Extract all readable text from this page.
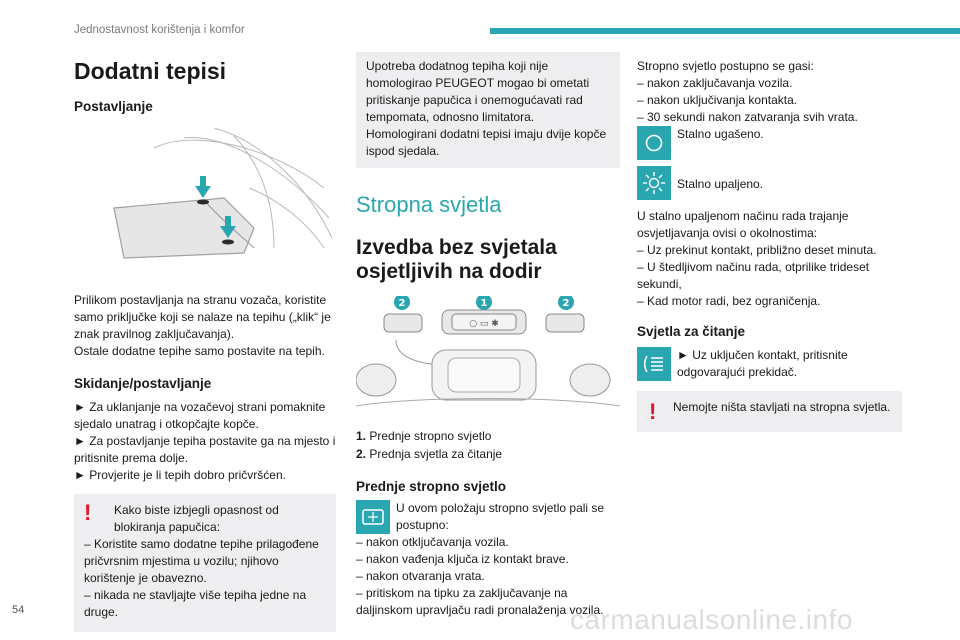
Jednostavnost korištenja i komfor
Dodatni tepisi
Postavljanje

Prilikom postavljanja na stranu vozača, koristite samo priključke koji se nalaze na tepihu („klik“ je znak pravilnog zaključavanja).

Ostale dodatne tepihe samo postavite na tepih.

Skidanje/postavljanje

► Za uklanjanje na vozačevoj strani pomaknite sjedalo unatrag i otkopčajte kopče.

► Za postavljanje tepiha postavite ga na mjesto i pritisnite prema dolje.

► Provjerite je li tepih dobro pričvršćen.

!	Kako biste izbjegli opasnost od blokiranja papučica:

– Koristite samo dodatne tepihe prilagođene pričvrsnim mjestima u vozilu; njihovo korištenje je obavezno.

– nikada ne stavljajte više tepiha jedne na druge.

Upotreba dodatnog tepiha koji nije homologirao PEUGEOT mogao bi ometati pritiskanje papučica i onemogućavati rad tempomata, odnosno limitatora.

Homologirani dodatni tepisi imaju dvije kopče ispod sjedala.

Stropna svjetla
Izvedba bez svjetala osjetljivih na dodir
○ ▭ ✱
2	1	2

1. Prednje stropno svjetlo

2. Prednja svjetla za čitanje

Prednje stropno svjetlo

U ovom položaju stropno svjetlo pali se postupno:

– nakon otključavanja vozila.

– nakon vađenja ključa iz kontakt brave.

– nakon otvaranja vrata.

– pritiskom na tipku za zaključavanje na daljinskom upravljaču radi pronalaženja vozila.

Stropno svjetlo postupno se gasi:

– nakon zaključavanja vozila.

– nakon uključivanja kontakta.

– 30 sekundi nakon zatvaranja svih vrata.

Stalno ugašeno.

Stalno upaljeno.

U stalno upaljenom načinu rada trajanje osvjetljavanja ovisi o okolnostima:

– Uz prekinut kontakt, približno deset minuta.

– U štedljivom načinu rada, otprilike trideset sekundi,

– Kad motor radi, bez ograničenja.

Svjetla za čitanje

► Uz uključen kontakt, pritisnite odgovarajući prekidač.

!	Nemojte ništa stavljati na stropna svjetla.

54	carmanualsonline.info
